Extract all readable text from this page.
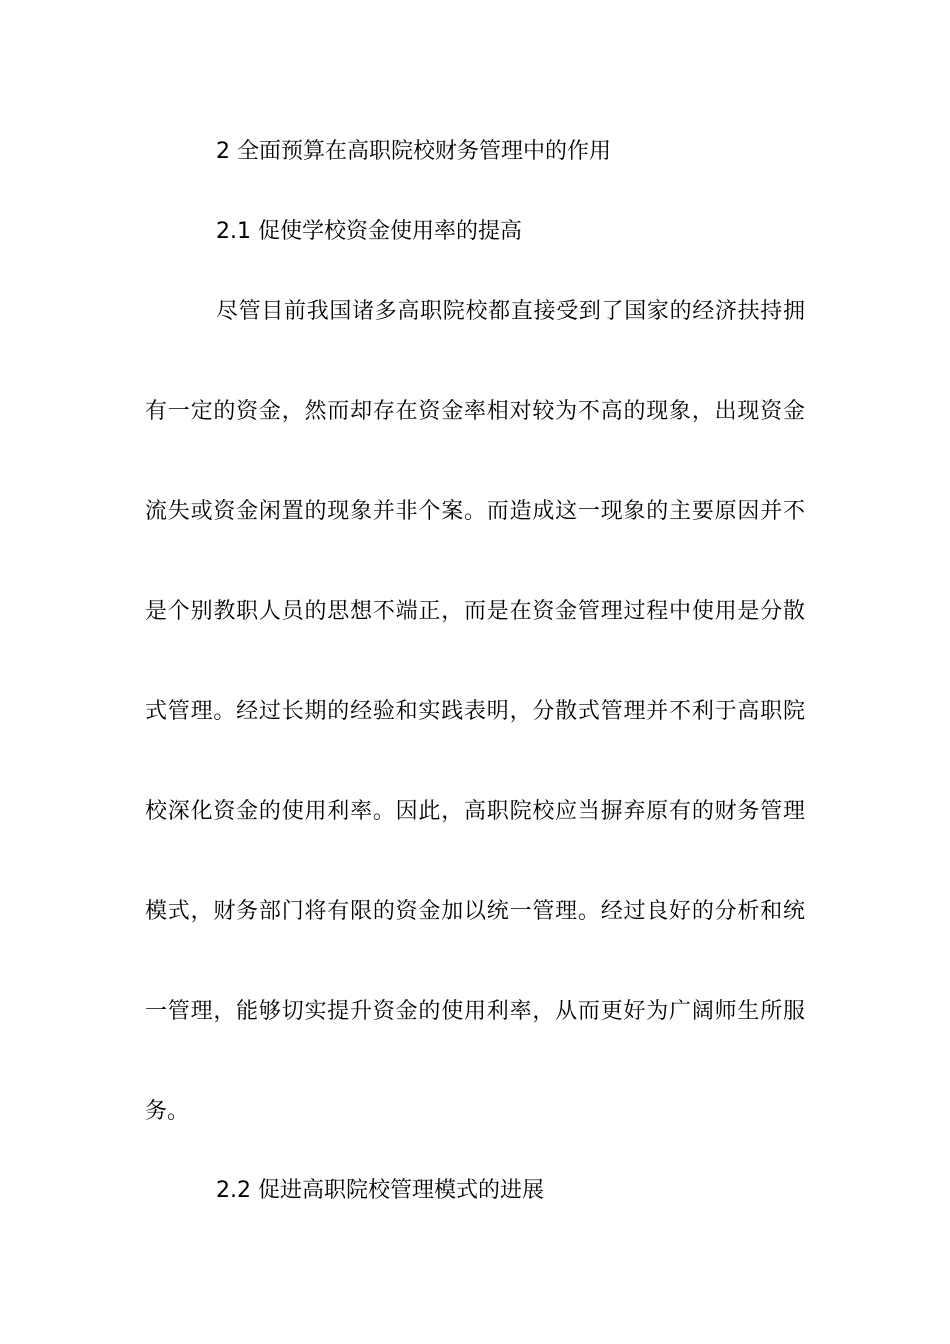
2 全面预算在高职院校财务管理中的作用
2.1 促使学校资金使用率的提高
尽管目前我国诸多高职院校都直接受到了国家的经济扶持拥
有一定的资金，然而却存在资金率相对较为不高的现象，出现资金
流失或资金闲置的现象并非个案。而造成这一现象的主要原因并不
是个别教职人员的思想不端正，而是在资金管理过程中使用是分散
式管理。经过长期的经验和实践表明，分散式管理并不利于高职院
校深化资金的使用利率。因此，高职院校应当摒弃原有的财务管理
模式，财务部门将有限的资金加以统一管理。经过良好的分析和统
一管理，能够切实提升资金的使用利率，从而更好为广阔师生所服
务。
2.2 促进高职院校管理模式的进展
